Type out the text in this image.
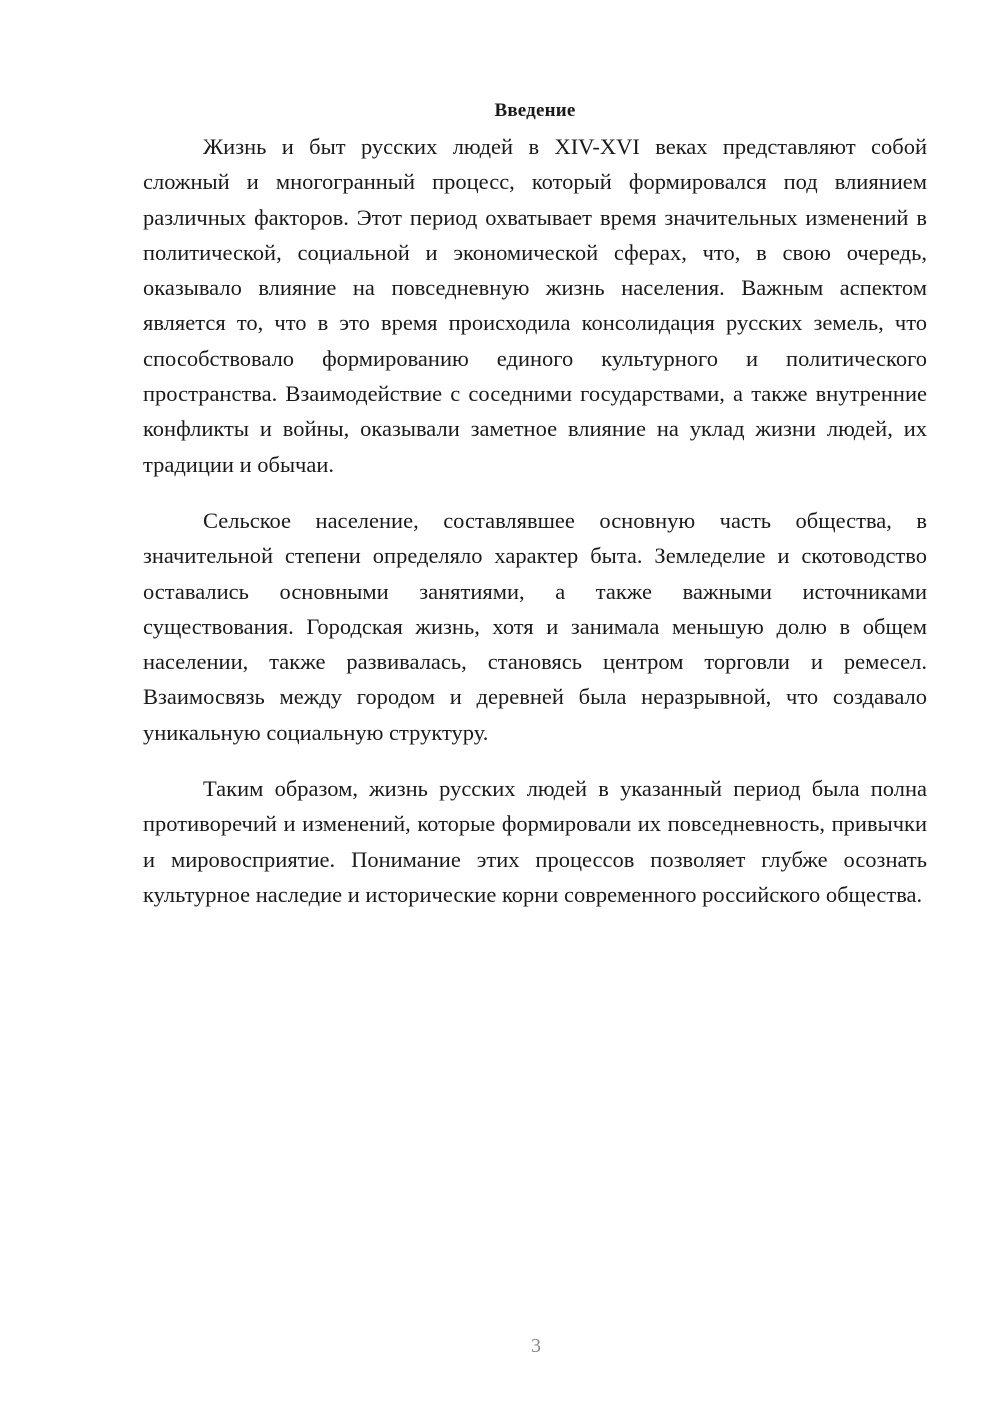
Введение

Жизнь и быт русских людей в XIV-XVI веках представляют собой сложный и многогранный процесс, который формировался под влиянием различных факторов. Этот период охватывает время значительных изменений в политической, социальной и экономической сферах, что, в свою очередь, оказывало влияние на повседневную жизнь населения. Важным аспектом является то, что в это время происходила консолидация русских земель, что способствовало формированию единого культурного и политического пространства. Взаимодействие с соседними государствами, а также внутренние конфликты и войны, оказывали заметное влияние на уклад жизни людей, их традиции и обычаи.

Сельское население, составлявшее основную часть общества, в значительной степени определяло характер быта. Земледелие и скотоводство оставались основными занятиями, а также важными источниками существования. Городская жизнь, хотя и занимала меньшую долю в общем населении, также развивалась, становясь центром торговли и ремесел. Взаимосвязь между городом и деревней была неразрывной, что создавало уникальную социальную структуру.

Таким образом, жизнь русских людей в указанный период была полна противоречий и изменений, которые формировали их повседневность, привычки и мировосприятие. Понимание этих процессов позволяет глубже осознать культурное наследие и исторические корни современного российского общества.

3
